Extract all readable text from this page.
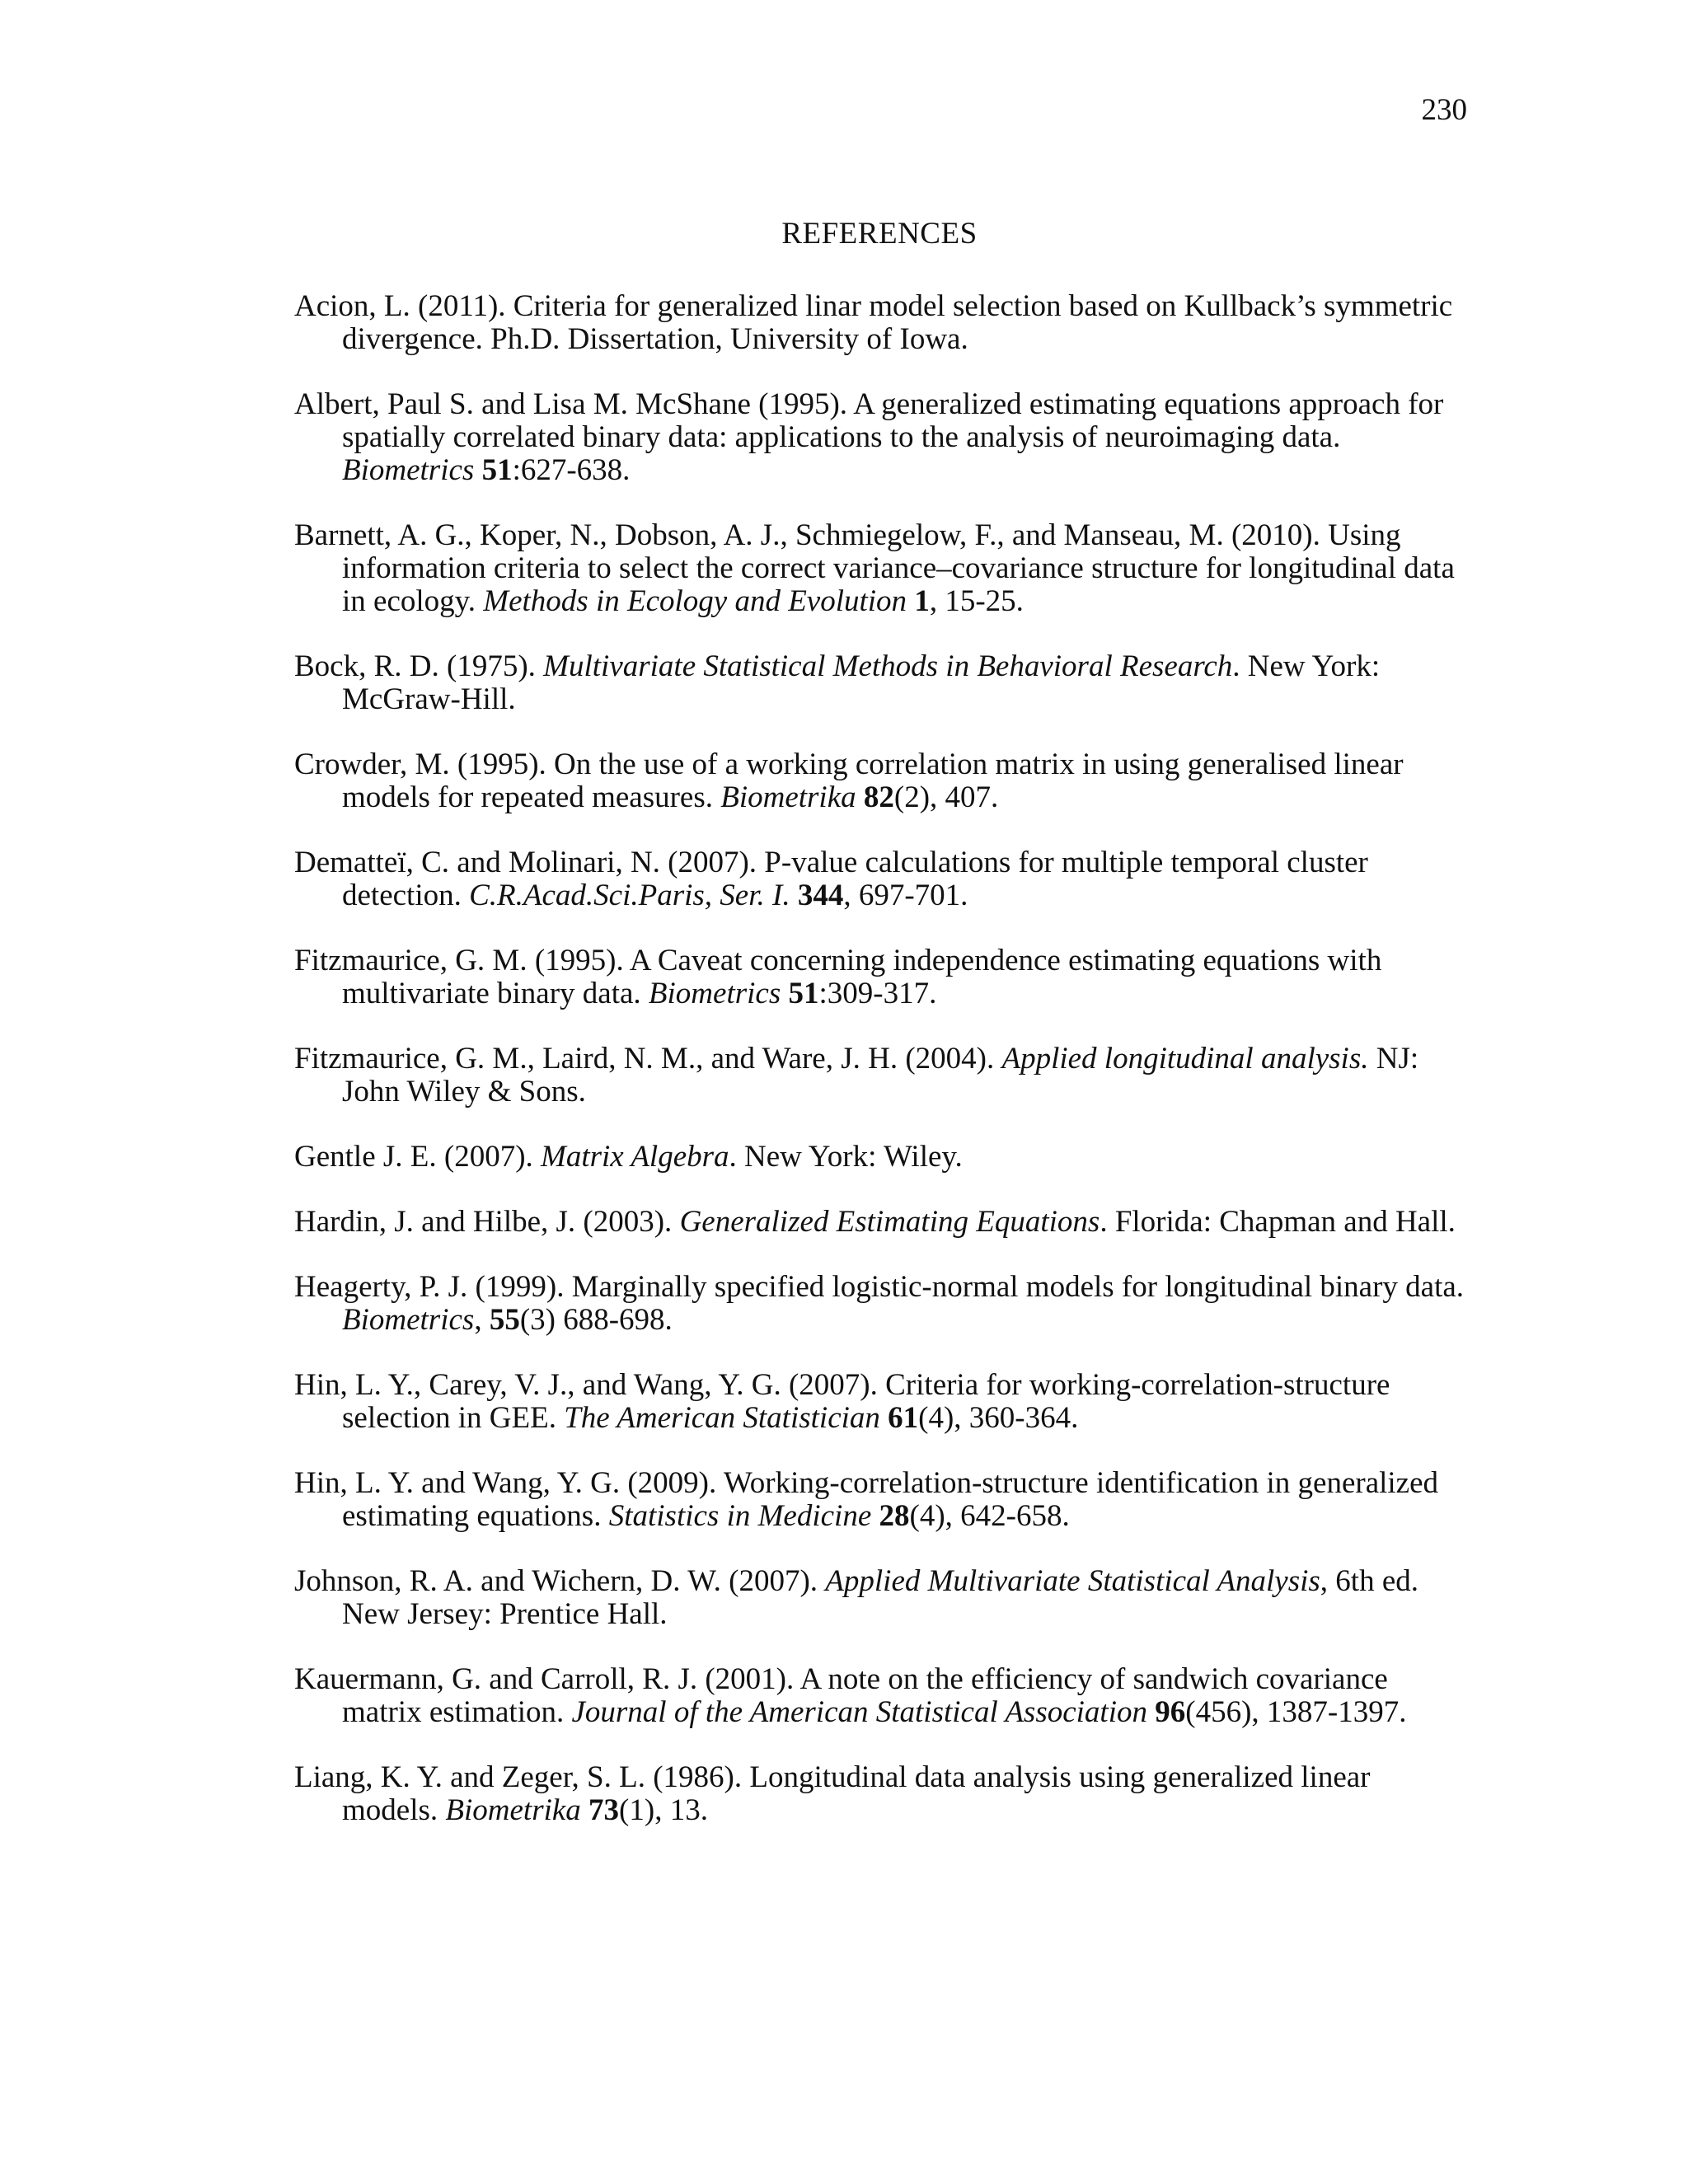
230
REFERENCES
Acion, L. (2011). Criteria for generalized linar model selection based on Kullback’s symmetric divergence. Ph.D. Dissertation, University of Iowa.
Albert, Paul S. and Lisa M. McShane (1995). A generalized estimating equations approach for spatially correlated binary data: applications to the analysis of neuroimaging data. Biometrics 51:627-638.
Barnett, A. G., Koper, N., Dobson, A. J., Schmiegelow, F., and Manseau, M. (2010). Using information criteria to select the correct variance–covariance structure for longitudinal data in ecology. Methods in Ecology and Evolution 1, 15-25.
Bock, R. D. (1975). Multivariate Statistical Methods in Behavioral Research. New York: McGraw-Hill.
Crowder, M. (1995). On the use of a working correlation matrix in using generalised linear models for repeated measures. Biometrika 82(2), 407.
Dematteï, C. and Molinari, N. (2007). P-value calculations for multiple temporal cluster detection. C.R.Acad.Sci.Paris, Ser. I. 344, 697-701.
Fitzmaurice, G. M. (1995). A Caveat concerning independence estimating equations with multivariate binary data. Biometrics 51:309-317.
Fitzmaurice, G. M., Laird, N. M., and Ware, J. H. (2004). Applied longitudinal analysis. NJ: John Wiley & Sons.
Gentle J. E. (2007). Matrix Algebra. New York: Wiley.
Hardin, J. and Hilbe, J. (2003). Generalized Estimating Equations. Florida: Chapman and Hall.
Heagerty, P. J. (1999). Marginally specified logistic-normal models for longitudinal binary data. Biometrics, 55(3) 688-698.
Hin, L. Y., Carey, V. J., and Wang, Y. G. (2007). Criteria for working-correlation-structure selection in GEE. The American Statistician 61(4), 360-364.
Hin, L. Y. and Wang, Y. G. (2009). Working-correlation-structure identification in generalized estimating equations. Statistics in Medicine 28(4), 642-658.
Johnson, R. A. and Wichern, D. W. (2007). Applied Multivariate Statistical Analysis, 6th ed. New Jersey: Prentice Hall.
Kauermann, G. and Carroll, R. J. (2001). A note on the efficiency of sandwich covariance matrix estimation. Journal of the American Statistical Association 96(456), 1387-1397.
Liang, K. Y. and Zeger, S. L. (1986). Longitudinal data analysis using generalized linear models. Biometrika 73(1), 13.
